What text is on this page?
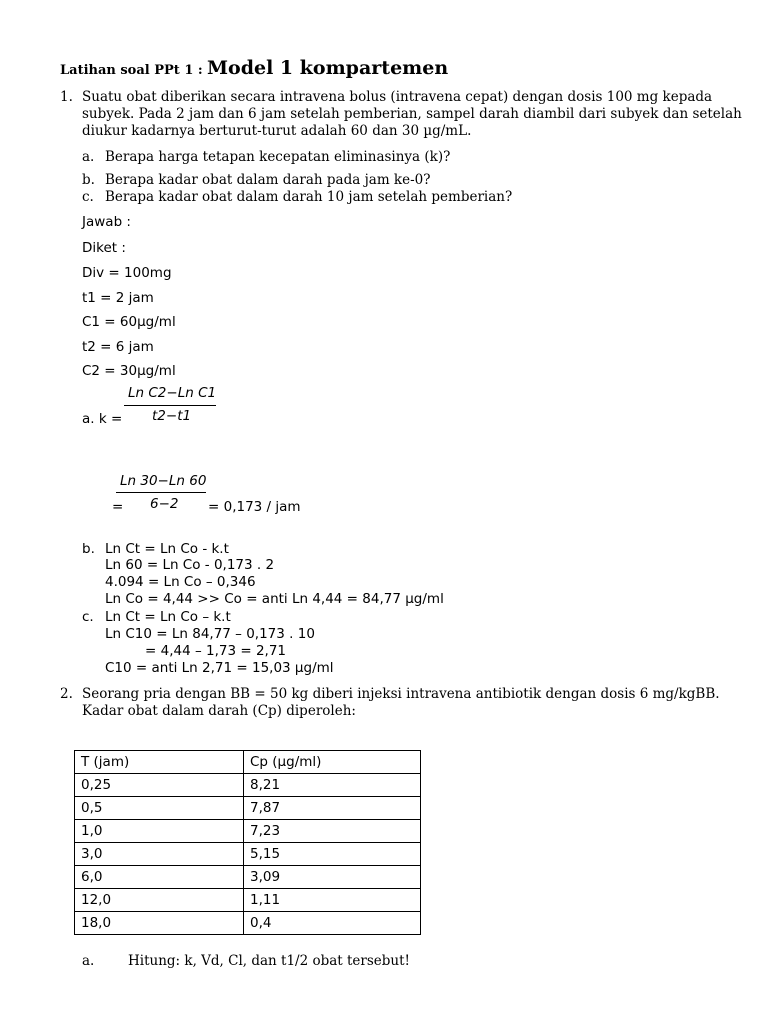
Latihan soal PPt 1 : Model 1 kompartemen
1. Suatu obat diberikan secara intravena bolus (intravena cepat) dengan dosis 100 mg kepada
subyek. Pada 2 jam dan 6 jam setelah pemberian, sampel darah diambil dari subyek dan setelah
diukur kadarnya berturut-turut adalah 60 dan 30 µg/mL.
a. Berapa harga tetapan kecepatan eliminasinya (k)?
b. Berapa kadar obat dalam darah pada jam ke-0?
c. Berapa kadar obat dalam darah 10 jam setelah pemberian?
Jawab :
Diket :
Div = 100mg
t1 = 2 jam
C1 = 60µg/ml
t2 = 6 jam
C2 = 30µg/ml
Ln C2−Ln C1
t2−t1
a. k =
Ln 30−Ln 60
6−2
=	= 0,173 / jam
b. Ln Ct = Ln Co - k.t
Ln 60 = Ln Co - 0,173 . 2
4.094 = Ln Co – 0,346
Ln Co = 4,44 >> Co = anti Ln 4,44 = 84,77 µg/ml
c. Ln Ct = Ln Co – k.t
Ln C10 = Ln 84,77 – 0,173 . 10
= 4,44 – 1,73 = 2,71
C10 = anti Ln 2,71 = 15,03 µg/ml
2. Seorang pria dengan BB = 50 kg diberi injeksi intravena antibiotik dengan dosis 6 mg/kgBB.
Kadar obat dalam darah (Cp) diperoleh:
T (jam)	Cp (µg/ml)
0,25	8,21
0,5	7,87
1,0	7,23
3,0	5,15
6,0	3,09
12,0	1,11
18,0	0,4
a. Hitung: k, Vd, Cl, dan t1/2 obat tersebut!
